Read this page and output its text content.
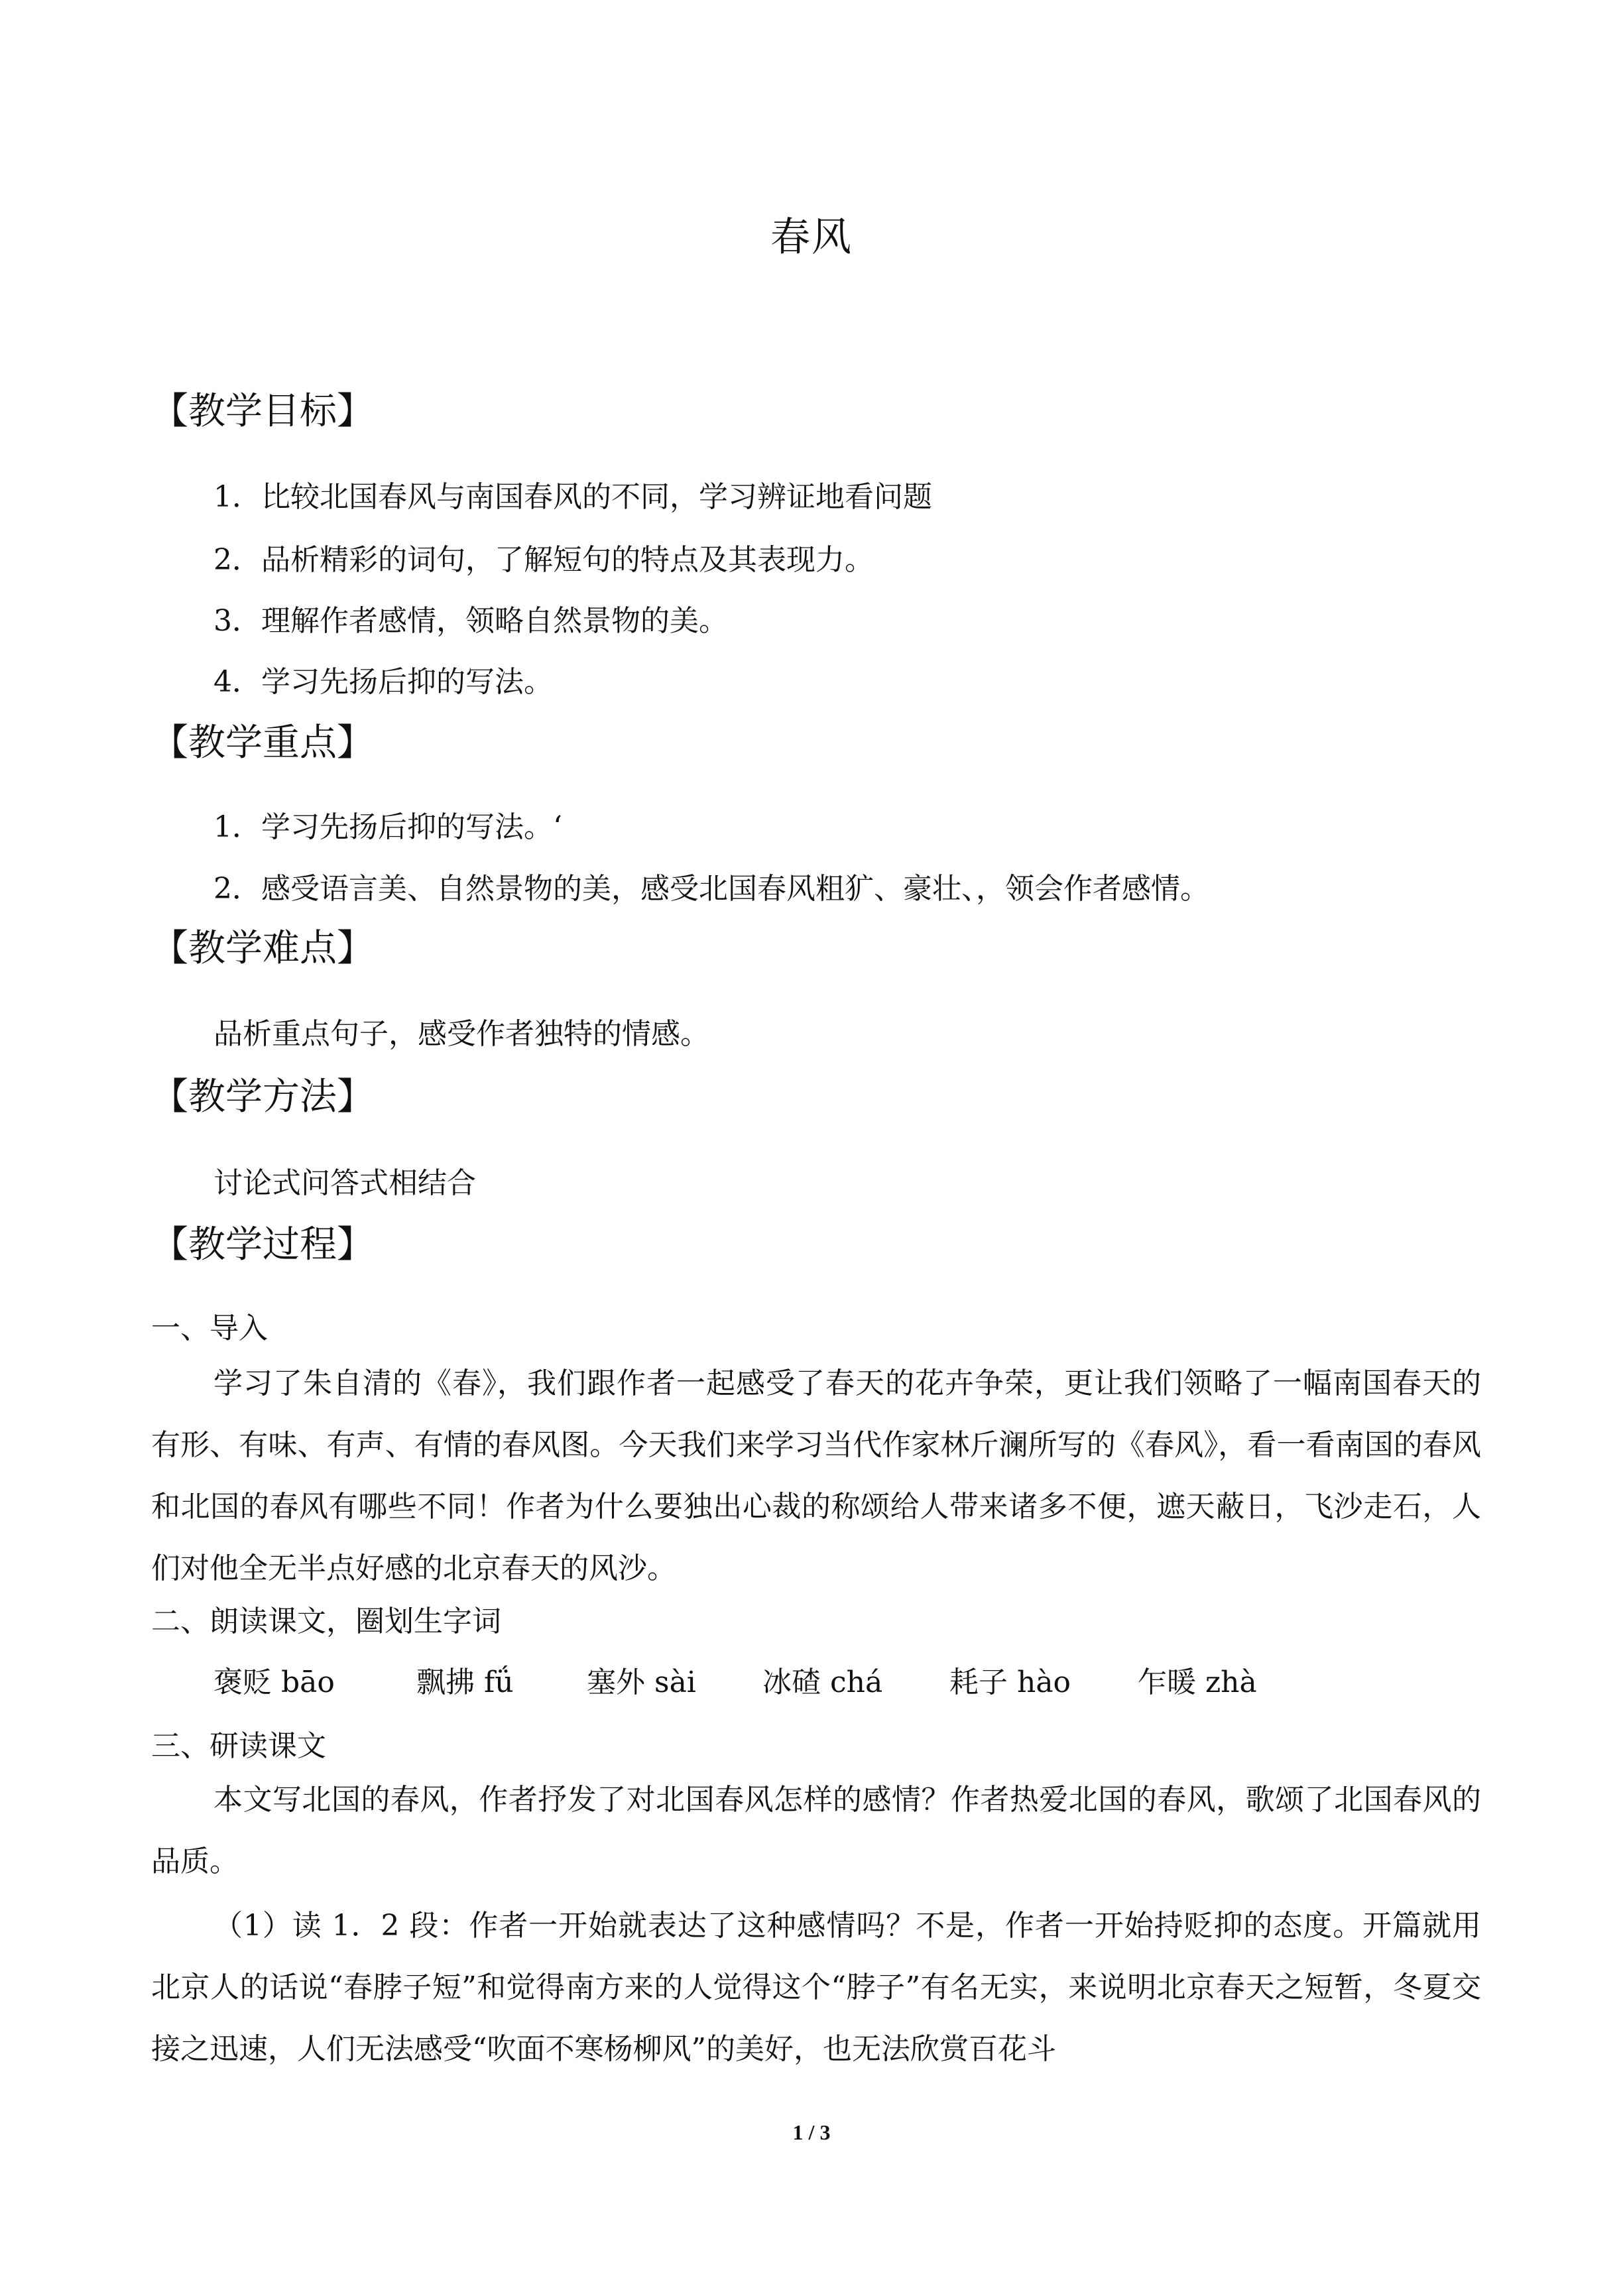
春风
【教学目标】
1．比较北国春风与南国春风的不同，学习辨证地看问题
2．品析精彩的词句，了解短句的特点及其表现力。
3．理解作者感情，领略自然景物的美。
4．学习先扬后抑的写法。
【教学重点】
1．学习先扬后抑的写法。‘
2．感受语言美、自然景物的美，感受北国春风粗犷、豪壮、，领会作者感情。
【教学难点】
品析重点句子，感受作者独特的情感。
【教学方法】
讨论式问答式相结合
【教学过程】
一、导入
学习了朱自清的《春》，我们跟作者一起感受了春天的花卉争荣，更让我们领略了一幅南国春天的有形、有味、有声、有情的春风图。今天我们来学习当代作家林斤澜所写的《春风》，看一看南国的春风和北国的春风有哪些不同！作者为什么要独出心裁的称颂给人带来诸多不便，遮天蔽日，飞沙走石，人们对他全无半点好感的北京春天的风沙。
二、朗读课文，圈划生字词
褒贬 bāo	飘拂 fǘ	塞外 sài 冰碴 chá 耗子 hào 乍暖 zhà
三、研读课文
本文写北国的春风，作者抒发了对北国春风怎样的感情？作者热爱北国的春风，歌颂了北国春风的品质。
（1）读 1．2 段：作者一开始就表达了这种感情吗？不是，作者一开始持贬抑的态度。开篇就用北京人的话说“春脖子短”和觉得南方来的人觉得这个“脖子”有名无实，来说明北京春天之短暂，冬夏交接之迅速，人们无法感受“吹面不寒杨柳风”的美好，也无法欣赏百花斗
1 / 3
